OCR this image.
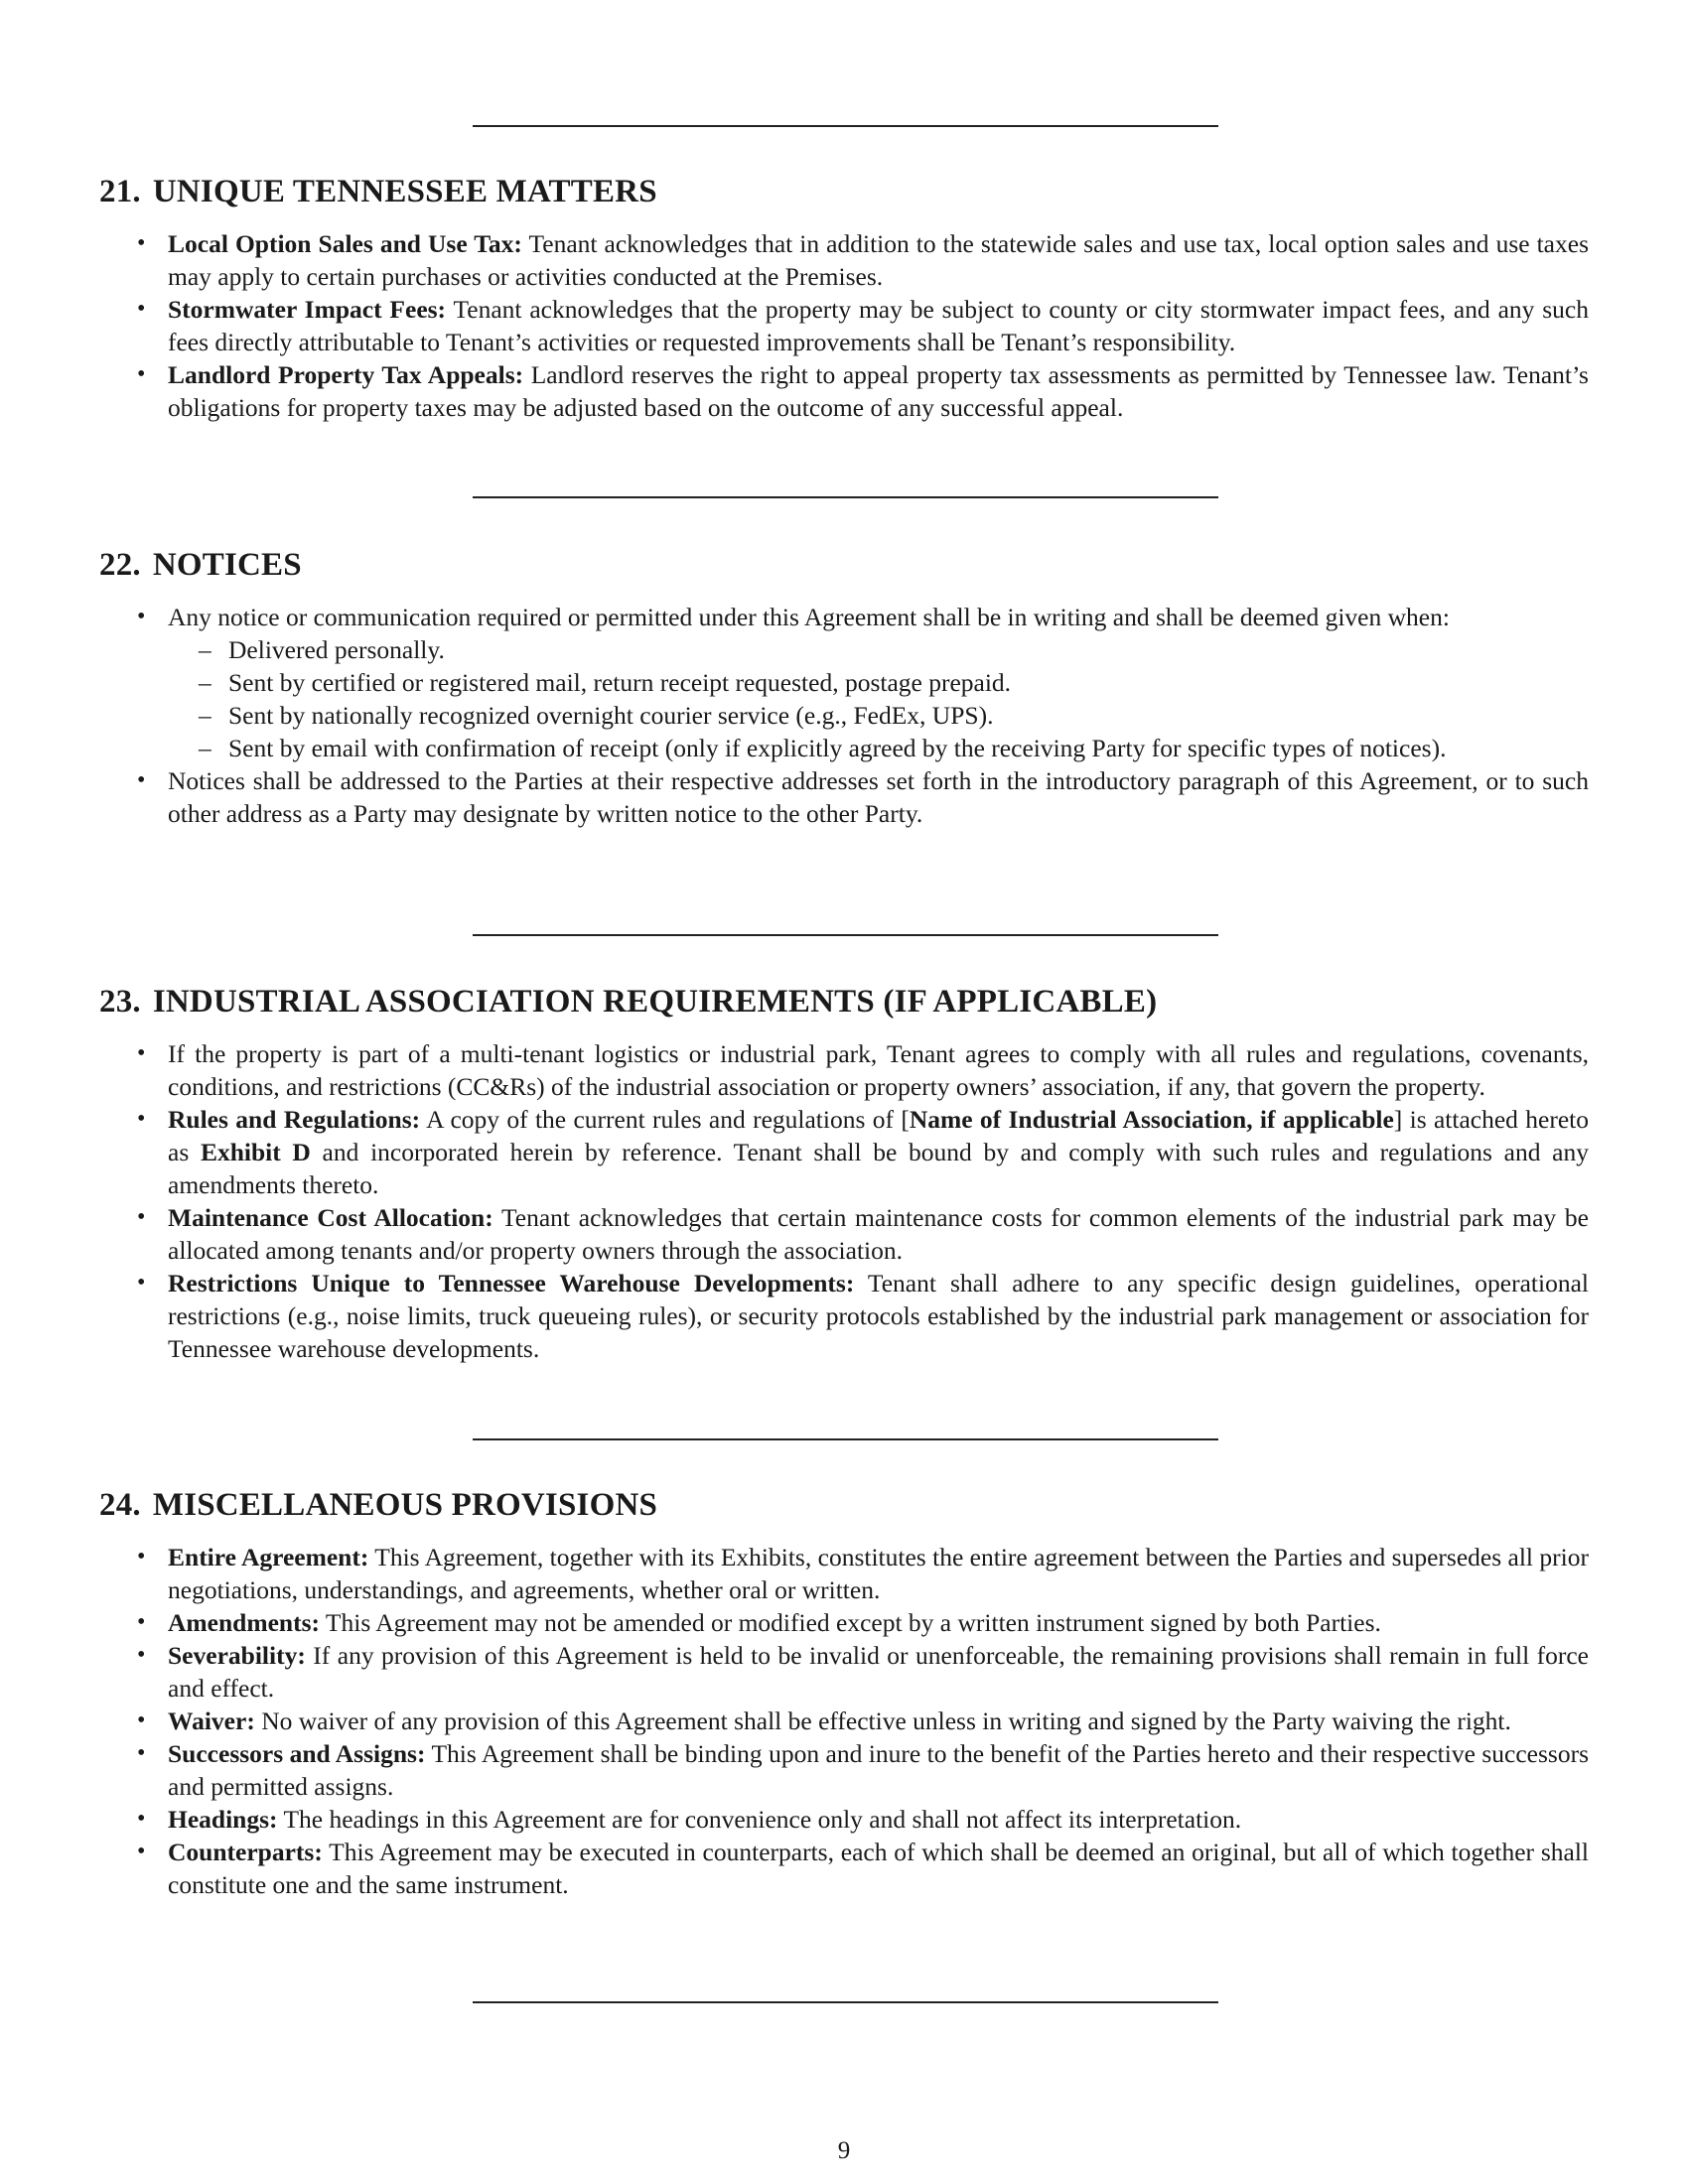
21. UNIQUE TENNESSEE MATTERS
• Local Option Sales and Use Tax: Tenant acknowledges that in addition to the statewide sales and use tax, local option sales and use taxes may apply to certain purchases or activities conducted at the Premises.
• Stormwater Impact Fees: Tenant acknowledges that the property may be subject to county or city stormwater impact fees, and any such fees directly attributable to Tenant’s activities or requested improvements shall be Tenant’s responsibility.
• Landlord Property Tax Appeals: Landlord reserves the right to appeal property tax assessments as permitted by Tennessee law. Tenant’s obligations for property taxes may be adjusted based on the outcome of any successful appeal.
22. NOTICES
• Any notice or communication required or permitted under this Agreement shall be in writing and shall be deemed given when:
– Delivered personally.
– Sent by certified or registered mail, return receipt requested, postage prepaid.
– Sent by nationally recognized overnight courier service (e.g., FedEx, UPS).
– Sent by email with confirmation of receipt (only if explicitly agreed by the receiving Party for specific types of notices).
• Notices shall be addressed to the Parties at their respective addresses set forth in the introductory paragraph of this Agreement, or to such other address as a Party may designate by written notice to the other Party.
23. INDUSTRIAL ASSOCIATION REQUIREMENTS (IF APPLICABLE)
• If the property is part of a multi-tenant logistics or industrial park, Tenant agrees to comply with all rules and regulations, covenants, conditions, and restrictions (CC&Rs) of the industrial association or property owners’ association, if any, that govern the property.
• Rules and Regulations: A copy of the current rules and regulations of [Name of Industrial Association, if applicable] is attached hereto as Exhibit D and incorporated herein by reference. Tenant shall be bound by and comply with such rules and regulations and any amendments thereto.
• Maintenance Cost Allocation: Tenant acknowledges that certain maintenance costs for common elements of the industrial park may be allocated among tenants and/or property owners through the association.
• Restrictions Unique to Tennessee Warehouse Developments: Tenant shall adhere to any specific design guidelines, operational restrictions (e.g., noise limits, truck queueing rules), or security protocols established by the industrial park management or association for Tennessee warehouse developments.
24. MISCELLANEOUS PROVISIONS
• Entire Agreement: This Agreement, together with its Exhibits, constitutes the entire agreement between the Parties and supersedes all prior negotiations, understandings, and agreements, whether oral or written.
• Amendments: This Agreement may not be amended or modified except by a written instrument signed by both Parties.
• Severability: If any provision of this Agreement is held to be invalid or unenforceable, the remaining provisions shall remain in full force and effect.
• Waiver: No waiver of any provision of this Agreement shall be effective unless in writing and signed by the Party waiving the right.
• Successors and Assigns: This Agreement shall be binding upon and inure to the benefit of the Parties hereto and their respective successors and permitted assigns.
• Headings: The headings in this Agreement are for convenience only and shall not affect its interpretation.
• Counterparts: This Agreement may be executed in counterparts, each of which shall be deemed an original, but all of which together shall constitute one and the same instrument.
9
